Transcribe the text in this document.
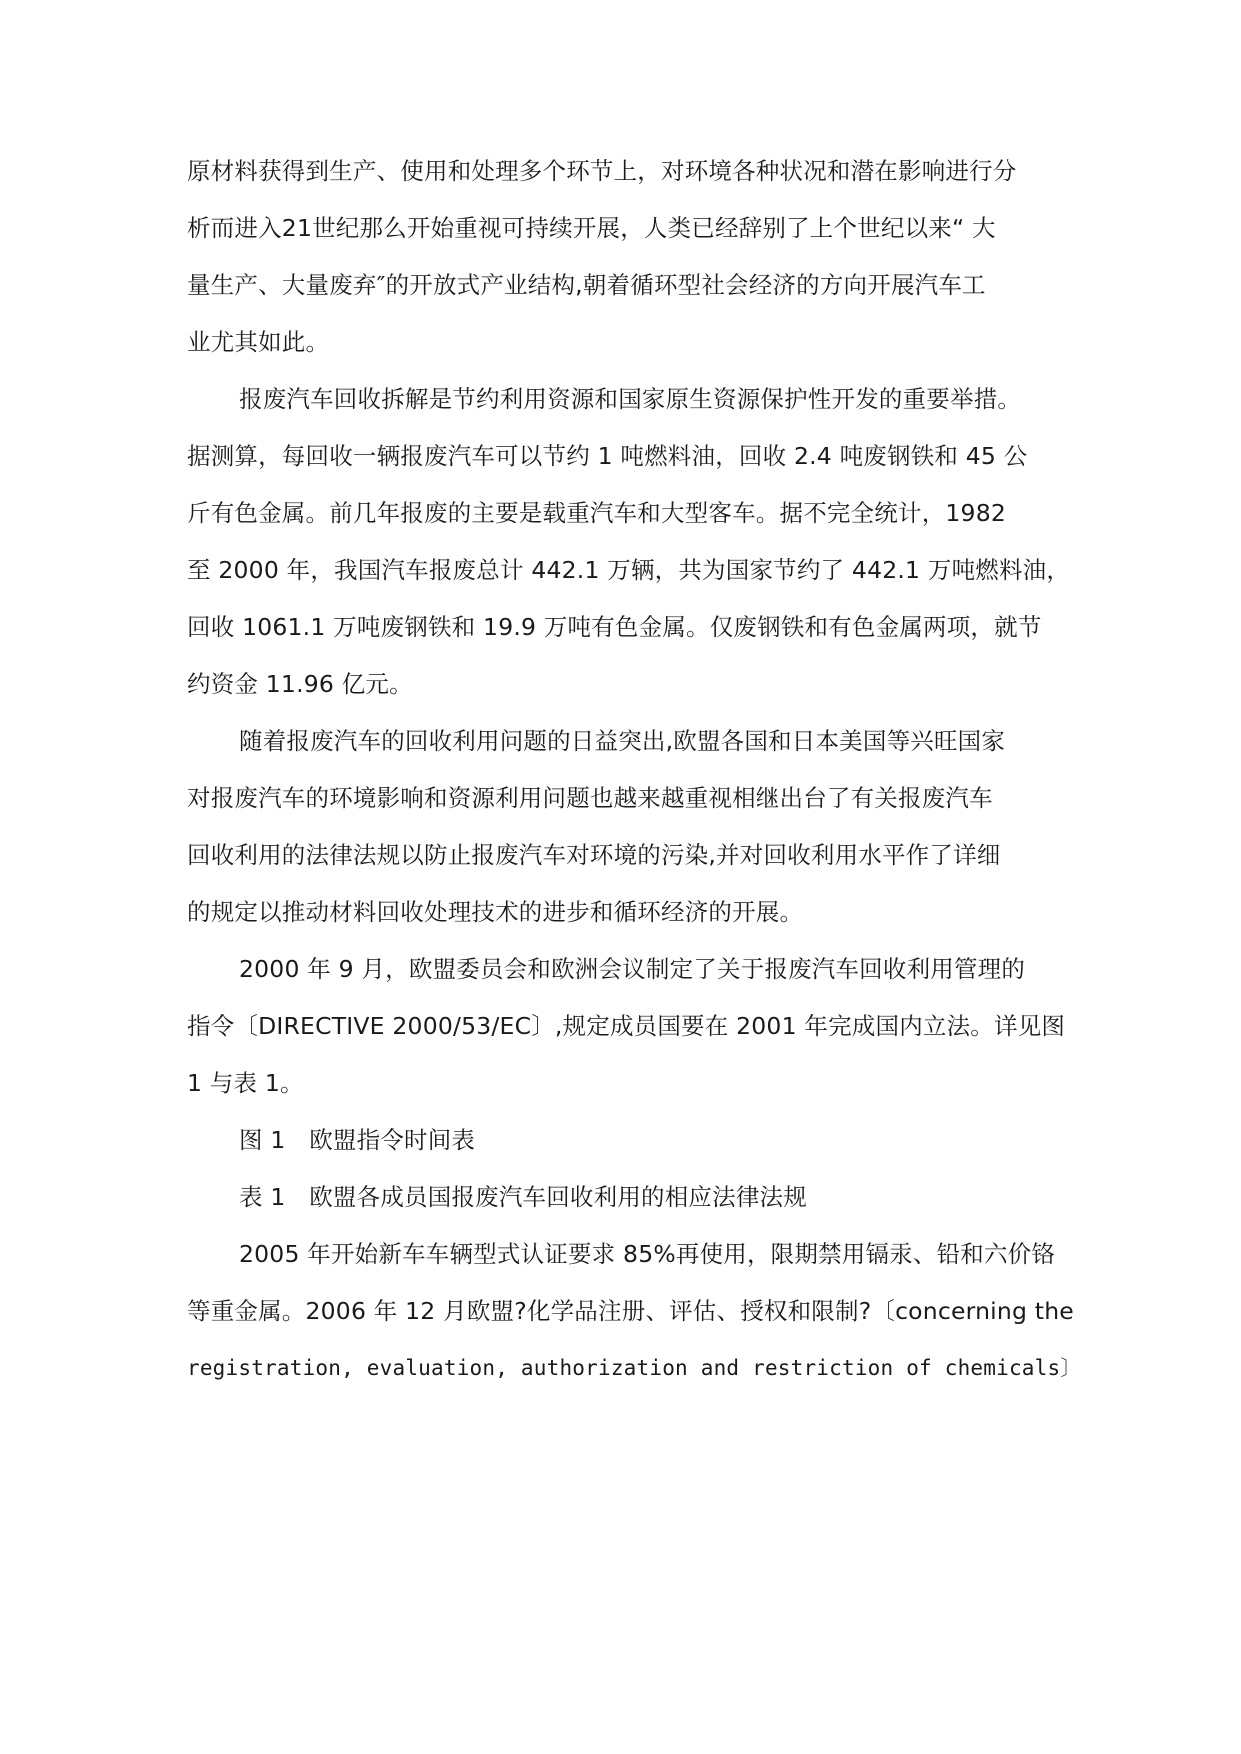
原材料获得到生产、使用和处理多个环节上，对环境各种状况和潜在影响进行分
析而进入21世纪那么开始重视可持续开展，人类已经辞别了上个世纪以来“ 大
量生产、大量废弃″的开放式产业结构,朝着循环型社会经济的方向开展汽车工
业尤其如此。
报废汽车回收拆解是节约利用资源和国家原生资源保护性开发的重要举措。
据测算，每回收一辆报废汽车可以节约 1 吨燃料油，回收 2.4 吨废钢铁和 45 公
斤有色金属。前几年报废的主要是载重汽车和大型客车。据不完全统计，1982
至 2000 年，我国汽车报废总计 442.1 万辆，共为国家节约了 442.1 万吨燃料油，
回收 1061.1 万吨废钢铁和 19.9 万吨有色金属。仅废钢铁和有色金属两项，就节
约资金 11.96 亿元。
随着报废汽车的回收利用问题的日益突出,欧盟各国和日本美国等兴旺国家
对报废汽车的环境影响和资源利用问题也越来越重视相继出台了有关报废汽车
回收利用的法律法规以防止报废汽车对环境的污染,并对回收利用水平作了详细
的规定以推动材料回收处理技术的进步和循环经济的开展。
2000 年 9 月，欧盟委员会和欧洲会议制定了关于报废汽车回收利用管理的
指令〔DIRECTIVE 2000/53/EC〕,规定成员国要在 2001 年完成国内立法。详见图
1 与表 1。
图 1　欧盟指令时间表
表 1　欧盟各成员国报废汽车回收利用的相应法律法规
2005 年开始新车车辆型式认证要求 85%再使用，限期禁用镉汞、铅和六价铬
等重金属。2006 年 12 月欧盟?化学品注册、评估、授权和限制?〔concerning the
registration, evaluation, authorization and restriction of chemicals〕
